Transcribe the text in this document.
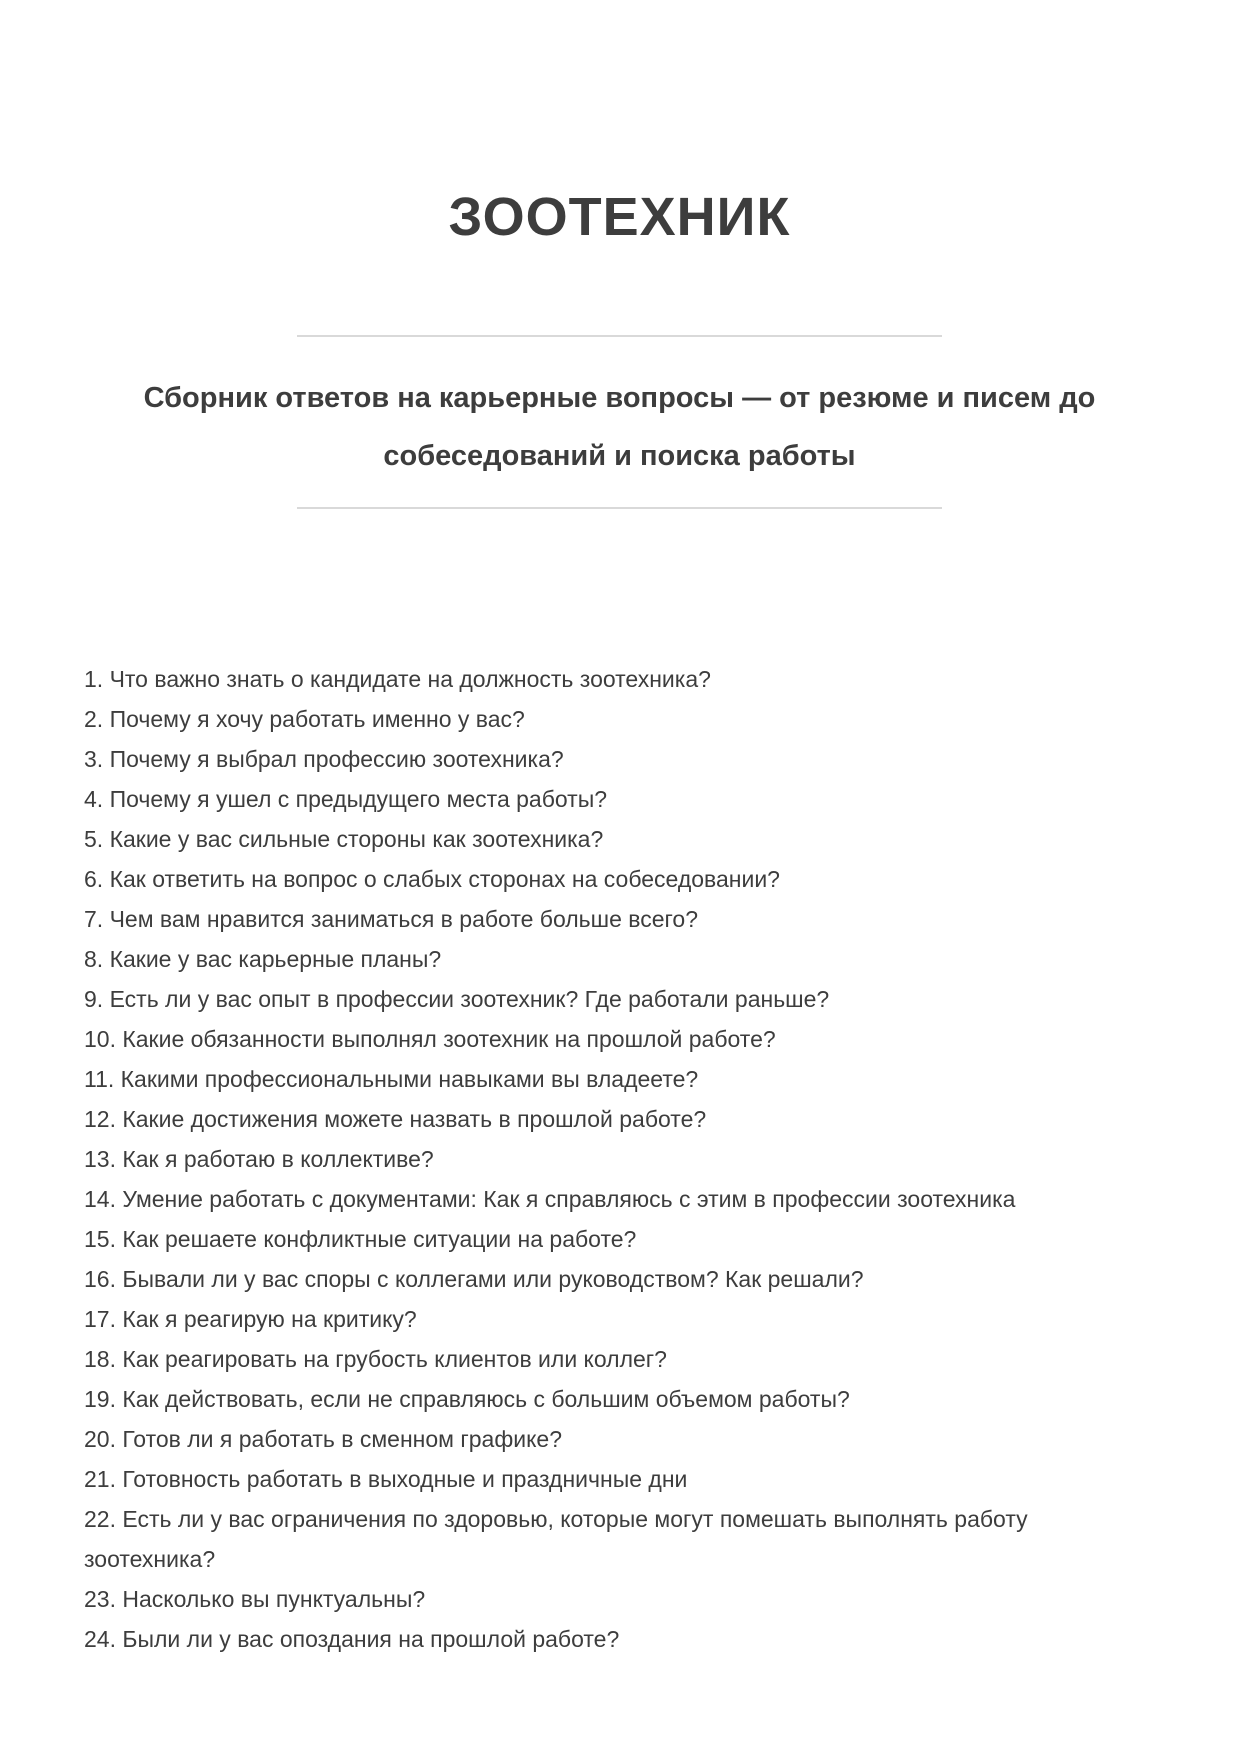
ЗООТЕХНИК
Сборник ответов на карьерные вопросы — от резюме и писем до собеседований и поиска работы
1. Что важно знать о кандидате на должность зоотехника?
2. Почему я хочу работать именно у вас?
3. Почему я выбрал профессию зоотехника?
4. Почему я ушел с предыдущего места работы?
5. Какие у вас сильные стороны как зоотехника?
6. Как ответить на вопрос о слабых сторонах на собеседовании?
7. Чем вам нравится заниматься в работе больше всего?
8. Какие у вас карьерные планы?
9. Есть ли у вас опыт в профессии зоотехник? Где работали раньше?
10. Какие обязанности выполнял зоотехник на прошлой работе?
11. Какими профессиональными навыками вы владеете?
12. Какие достижения можете назвать в прошлой работе?
13. Как я работаю в коллективе?
14. Умение работать с документами: Как я справляюсь с этим в профессии зоотехника
15. Как решаете конфликтные ситуации на работе?
16. Бывали ли у вас споры с коллегами или руководством? Как решали?
17. Как я реагирую на критику?
18. Как реагировать на грубость клиентов или коллег?
19. Как действовать, если не справляюсь с большим объемом работы?
20. Готов ли я работать в сменном графике?
21. Готовность работать в выходные и праздничные дни
22. Есть ли у вас ограничения по здоровью, которые могут помешать выполнять работу зоотехника?
23. Насколько вы пунктуальны?
24. Были ли у вас опоздания на прошлой работе?
